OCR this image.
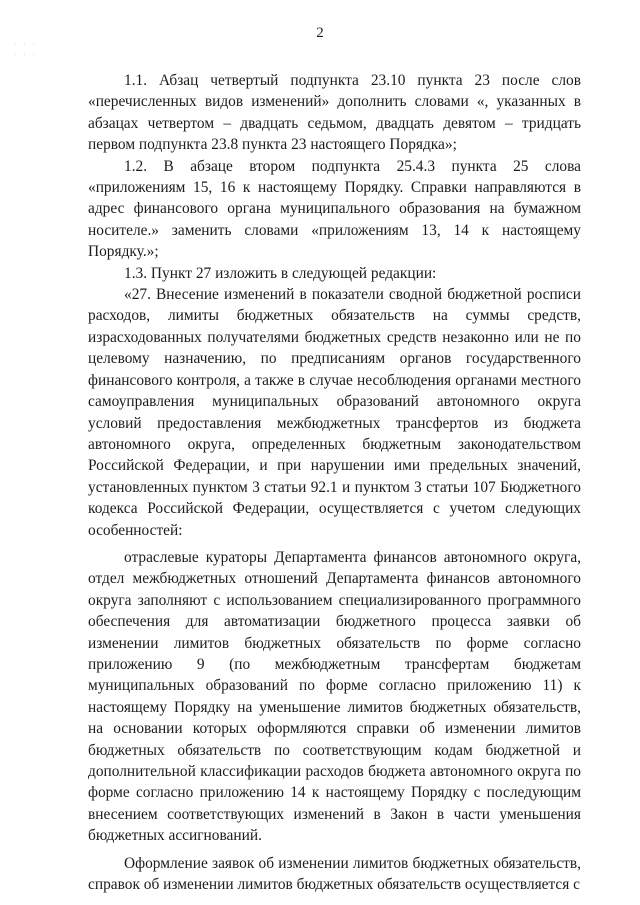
2
· · ·
· · ·

1.1. Абзац четвертый подпункта 23.10 пункта 23 после слов «перечисленных видов изменений» дополнить словами «, указанных в абзацах четвертом – двадцать седьмом, двадцать девятом – тридцать первом подпункта 23.8 пункта 23 настоящего Порядка»;

1.2. В абзаце втором подпункта 25.4.3 пункта 25 слова «приложениям 15, 16 к настоящему Порядку. Справки направляются в адрес финансового органа муниципального образования на бумажном носителе.» заменить словами «приложениям 13, 14 к настоящему Порядку.»;

1.3. Пункт 27 изложить в следующей редакции:

«27. Внесение изменений в показатели сводной бюджетной росписи расходов, лимиты бюджетных обязательств на суммы средств, израсходованных получателями бюджетных средств незаконно или не по целевому назначению, по предписаниям органов государственного финансового контроля, а также в случае несоблюдения органами местного самоуправления муниципальных образований автономного округа условий предоставления межбюджетных трансфертов из бюджета автономного округа, определенных бюджетным законодательством Российской Федерации, и при нарушении ими предельных значений, установленных пунктом 3 статьи 92.1 и пунктом 3 статьи 107 Бюджетного кодекса Российской Федерации, осуществляется с учетом следующих особенностей:

отраслевые кураторы Департамента финансов автономного округа, отдел межбюджетных отношений Департамента финансов автономного округа заполняют с использованием специализированного программного обеспечения для автоматизации бюджетного процесса заявки об изменении лимитов бюджетных обязательств по форме согласно приложению 9 (по межбюджетным трансфертам бюджетам муниципальных образований по форме согласно приложению 11) к настоящему Порядку на уменьшение лимитов бюджетных обязательств, на основании которых оформляются справки об изменении лимитов бюджетных обязательств по соответствующим кодам бюджетной и дополнительной классификации расходов бюджета автономного округа по форме согласно приложению 14 к настоящему Порядку с последующим внесением соответствующих изменений в Закон в части уменьшения бюджетных ассигнований.

Оформление заявок об изменении лимитов бюджетных обязательств, справок об изменении лимитов бюджетных обязательств осуществляется с
